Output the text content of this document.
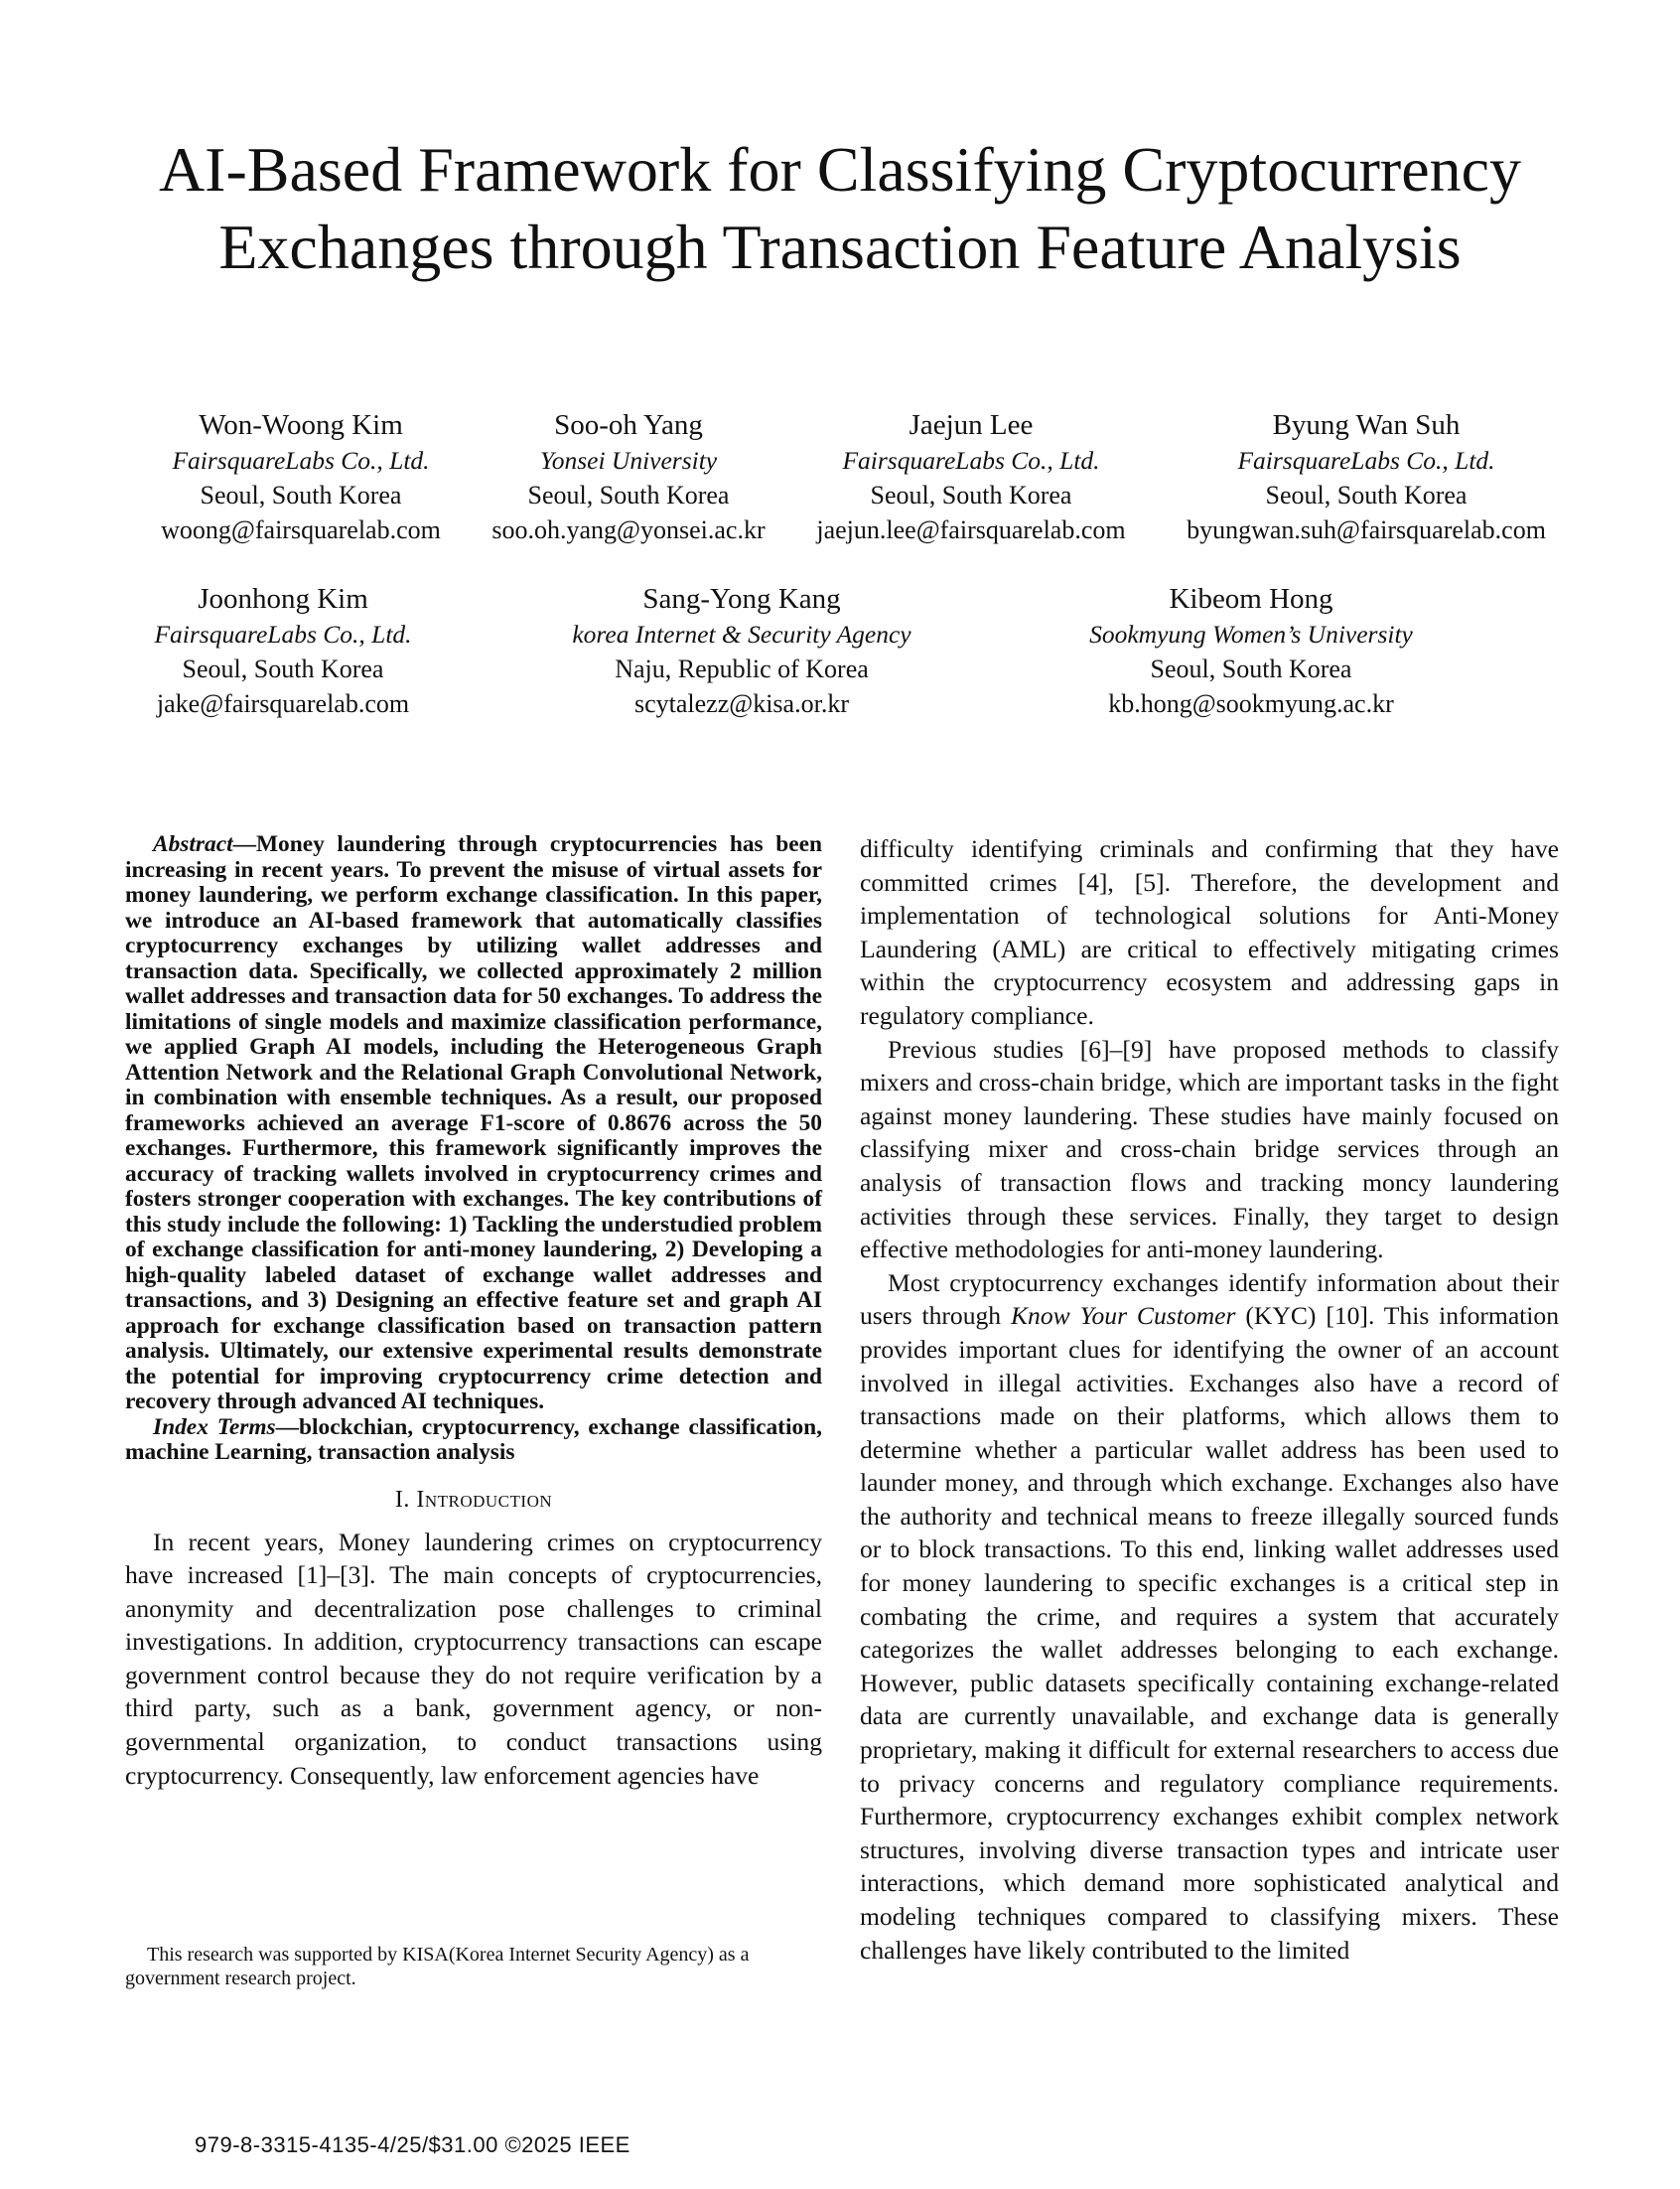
AI-Based Framework for Classifying Cryptocurrency Exchanges through Transaction Feature Analysis
Won-Woong Kim
FairsquareLabs Co., Ltd.
Seoul, South Korea
woong@fairsquarelab.com
Soo-oh Yang
Yonsei University
Seoul, South Korea
soo.oh.yang@yonsei.ac.kr
Jaejun Lee
FairsquareLabs Co., Ltd.
Seoul, South Korea
jaejun.lee@fairsquarelab.com
Byung Wan Suh
FairsquareLabs Co., Ltd.
Seoul, South Korea
byungwan.suh@fairsquarelab.com
Joonhong Kim
FairsquareLabs Co., Ltd.
Seoul, South Korea
jake@fairsquarelab.com
Sang-Yong Kang
korea Internet & Security Agency
Naju, Republic of Korea
scytalezz@kisa.or.kr
Kibeom Hong
Sookmyung Women’s University
Seoul, South Korea
kb.hong@sookmyung.ac.kr

Abstract—Money laundering through cryptocurrencies has been increasing in recent years. To prevent the misuse of virtual assets for money laundering, we perform exchange classification. In this paper, we introduce an AI-based framework that automatically classifies cryptocurrency exchanges by utilizing wallet addresses and transaction data. Specifically, we collected approximately 2 million wallet addresses and transaction data for 50 exchanges. To address the limitations of single models and maximize classification performance, we applied Graph AI models, including the Heterogeneous Graph Attention Network and the Relational Graph Convolutional Network, in combination with ensemble techniques. As a result, our proposed frameworks achieved an average F1-score of 0.8676 across the 50 exchanges. Furthermore, this framework significantly improves the accuracy of tracking wallets involved in cryptocurrency crimes and fosters stronger cooperation with exchanges. The key contributions of this study include the following: 1) Tackling the understudied problem of exchange classification for anti-money laundering, 2) Developing a high-quality labeled dataset of exchange wallet addresses and transactions, and 3) Designing an effective feature set and graph AI approach for exchange classification based on transaction pattern analysis. Ultimately, our extensive experimental results demonstrate the potential for improving cryptocurrency crime detection and recovery through advanced AI techniques.

Index Terms—blockchian, cryptocurrency, exchange classification, machine Learning, transaction analysis

I. Introduction

In recent years, Money laundering crimes on cryptocurrency have increased [1]–[3]. The main concepts of cryptocurrencies, anonymity and decentralization pose challenges to criminal investigations. In addition, cryptocurrency transactions can escape government control because they do not require verification by a third party, such as a bank, government agency, or non-governmental organization, to conduct transactions using cryptocurrency. Consequently, law enforcement agencies have

This research was supported by KISA(Korea Internet Security Agency) as a government research project.

difficulty identifying criminals and confirming that they have committed crimes [4], [5]. Therefore, the development and implementation of technological solutions for Anti-Money Laundering (AML) are critical to effectively mitigating crimes within the cryptocurrency ecosystem and addressing gaps in regulatory compliance.

Previous studies [6]–[9] have proposed methods to classify mixers and cross-chain bridge, which are important tasks in the fight against money laundering. These studies have mainly focused on classifying mixer and cross-chain bridge services through an analysis of transaction flows and tracking moncy laundering activities through these services. Finally, they target to design effective methodologies for anti-money laundering.

Most cryptocurrency exchanges identify information about their users through Know Your Customer (KYC) [10]. This information provides important clues for identifying the owner of an account involved in illegal activities. Exchanges also have a record of transactions made on their platforms, which allows them to determine whether a particular wallet address has been used to launder money, and through which exchange. Exchanges also have the authority and technical means to freeze illegally sourced funds or to block transactions. To this end, linking wallet addresses used for money laundering to specific exchanges is a critical step in combating the crime, and requires a system that accurately categorizes the wallet addresses belonging to each exchange. However, public datasets specifically containing exchange-related data are currently unavailable, and exchange data is generally proprietary, making it difficult for external researchers to access due to privacy concerns and regulatory compliance requirements. Furthermore, cryptocurrency exchanges exhibit complex network structures, involving diverse transaction types and intricate user interactions, which demand more sophisticated analytical and modeling techniques compared to classifying mixers. These challenges have likely contributed to the limited

979-8-3315-4135-4/25/$31.00 ©2025 IEEE
